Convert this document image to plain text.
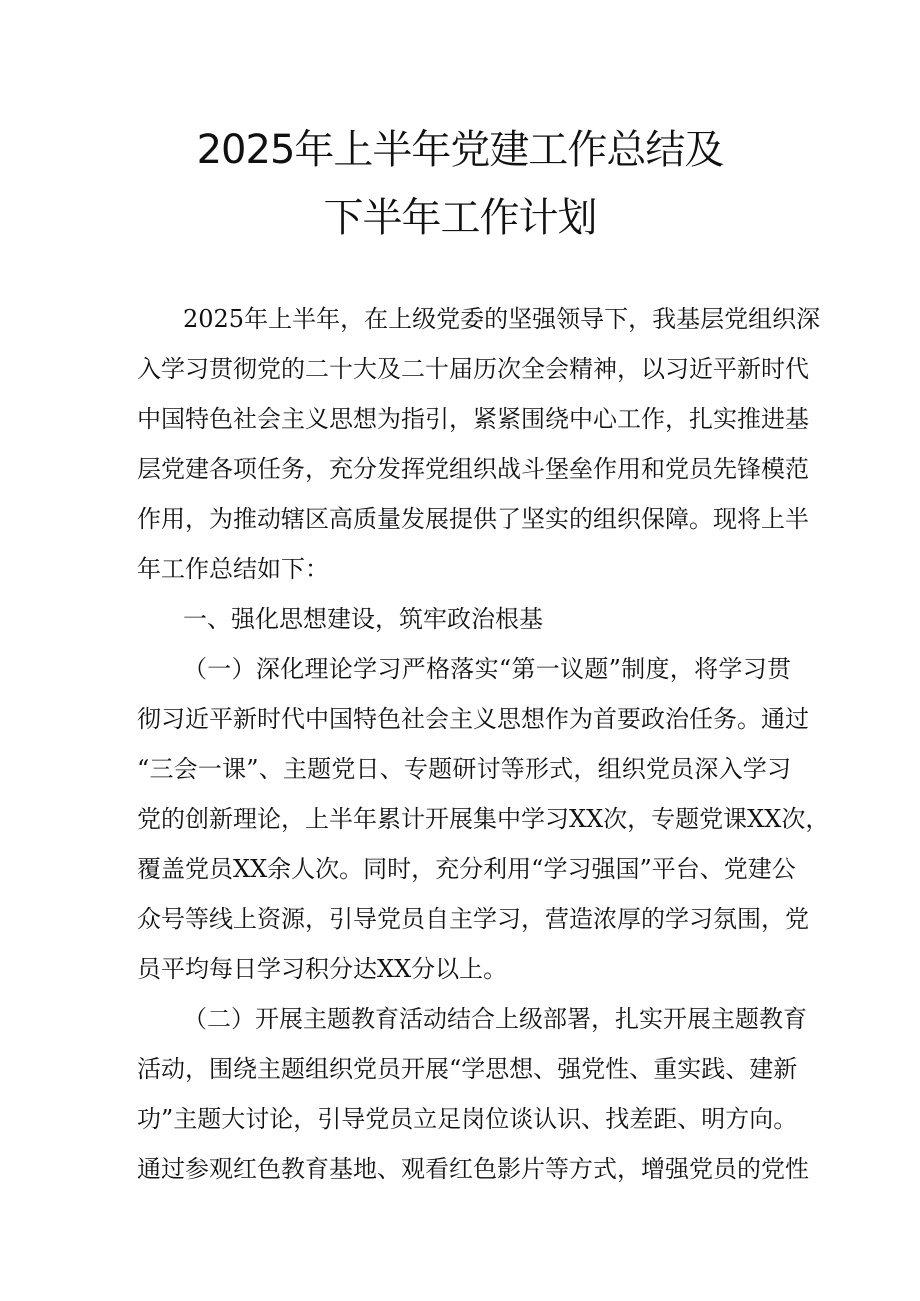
2025年上半年党建工作总结及
下半年工作计划
2025年上半年，在上级党委的坚强领导下，我基层党组织深
入学习贯彻党的二十大及二十届历次全会精神，以习近平新时代
中国特色社会主义思想为指引，紧紧围绕中心工作，扎实推进基
层党建各项任务，充分发挥党组织战斗堡垒作用和党员先锋模范
作用，为推动辖区高质量发展提供了坚实的组织保障。现将上半
年工作总结如下：
一、强化思想建设，筑牢政治根基
（一）深化理论学习严格落实“第一议题”制度，将学习贯
彻习近平新时代中国特色社会主义思想作为首要政治任务。通过
“三会一课”、主题党日、专题研讨等形式，组织党员深入学习
党的创新理论，上半年累计开展集中学习XX次，专题党课XX次，
覆盖党员XX余人次。同时，充分利用“学习强国”平台、党建公
众号等线上资源，引导党员自主学习，营造浓厚的学习氛围，党
员平均每日学习积分达XX分以上。
（二）开展主题教育活动结合上级部署，扎实开展主题教育
活动，围绕主题组织党员开展“学思想、强党性、重实践、建新
功”主题大讨论，引导党员立足岗位谈认识、找差距、明方向。
通过参观红色教育基地、观看红色影片等方式，增强党员的党性
